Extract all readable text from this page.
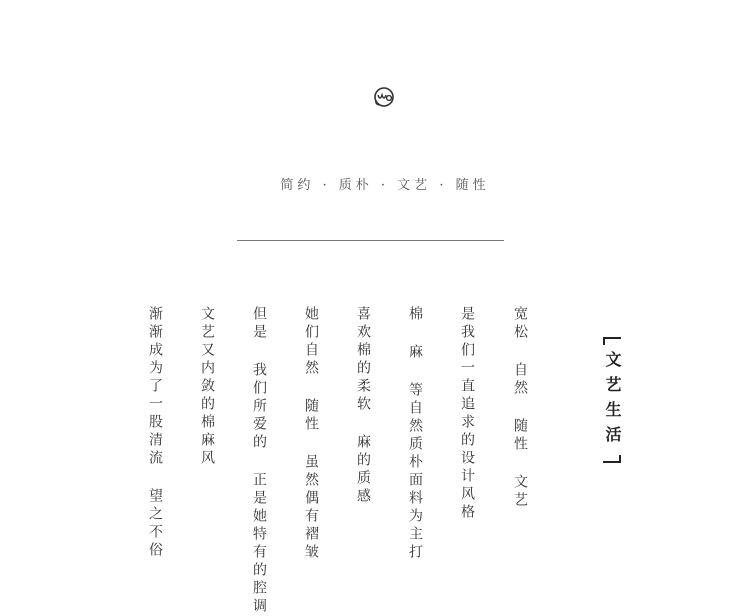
简约 · 质朴 · 文艺 · 随性
文艺生活
宽松 自然 随性 文艺
是我们一直追求的设计风格
棉 麻 等自然质朴面料为主打
喜欢棉的柔软 麻的质感
她们自然 随性 虽然偶有褶皱
但是 我们所爱的 正是她特有的腔调
文艺又内敛的棉麻风
渐渐成为了一股清流 望之不俗
